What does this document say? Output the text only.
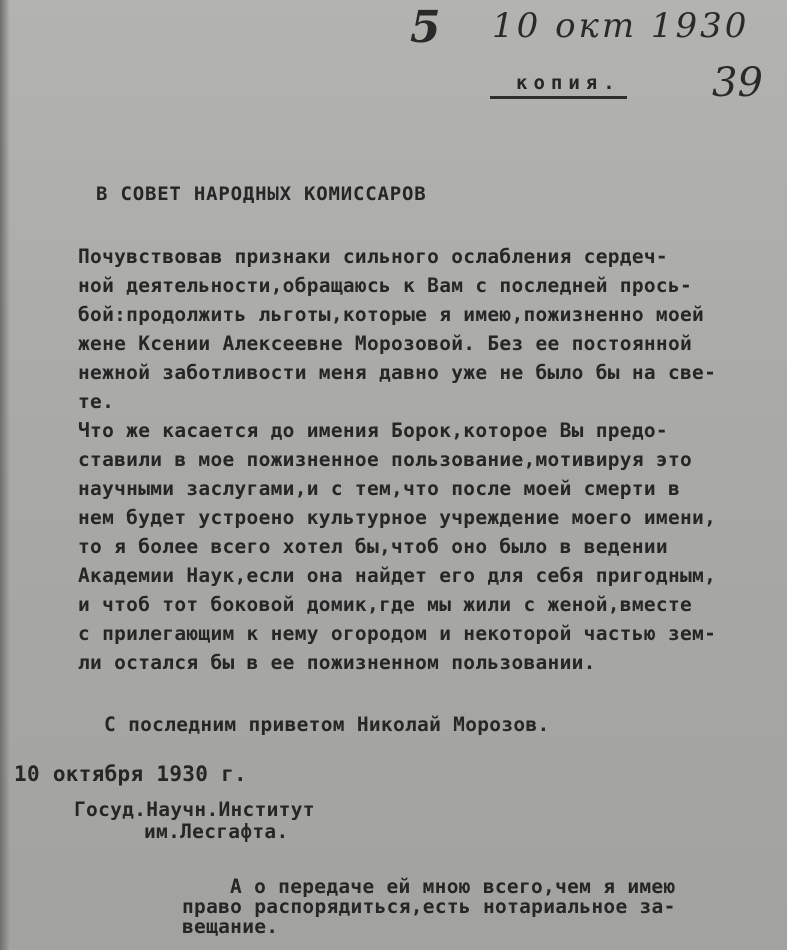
5 10 окт 1930
39
копия.
В СОВЕТ НАРОДНЫХ КОМИССАРОВ
Почувствовав признаки сильного ослабления сердеч-
ной деятельности,обращаюсь к Вам с последней прось-
бой:продолжить льготы,которые я имею,пожизненно моей
жене Ксении Алексеевне Морозовой. Без ее постоянной
нежной заботливости меня давно уже не было бы на све-
те.
Что же касается до имения Борок,которое Вы предо-
ставили в мое пожизненное пользование,мотивируя это
научными заслугами,и с тем,что после моей смерти в
нем будет устроено культурное учреждение моего имени,
то я более всего хотел бы,чтоб оно было в ведении
Академии Наук,если она найдет его для себя пригодным,
и чтоб тот боковой домик,где мы жили с женой,вместе
с прилегающим к нему огородом и некоторой частью зем-
ли остался бы в ее пожизненном пользовании.
С последним приветом Николай Морозов.
10 октября 1930 г.
Госуд.Научн.Институт
им.Лесгафта.
А о передаче ей мною всего,чем я имею
право распорядиться,есть нотариальное за-
вещание.
